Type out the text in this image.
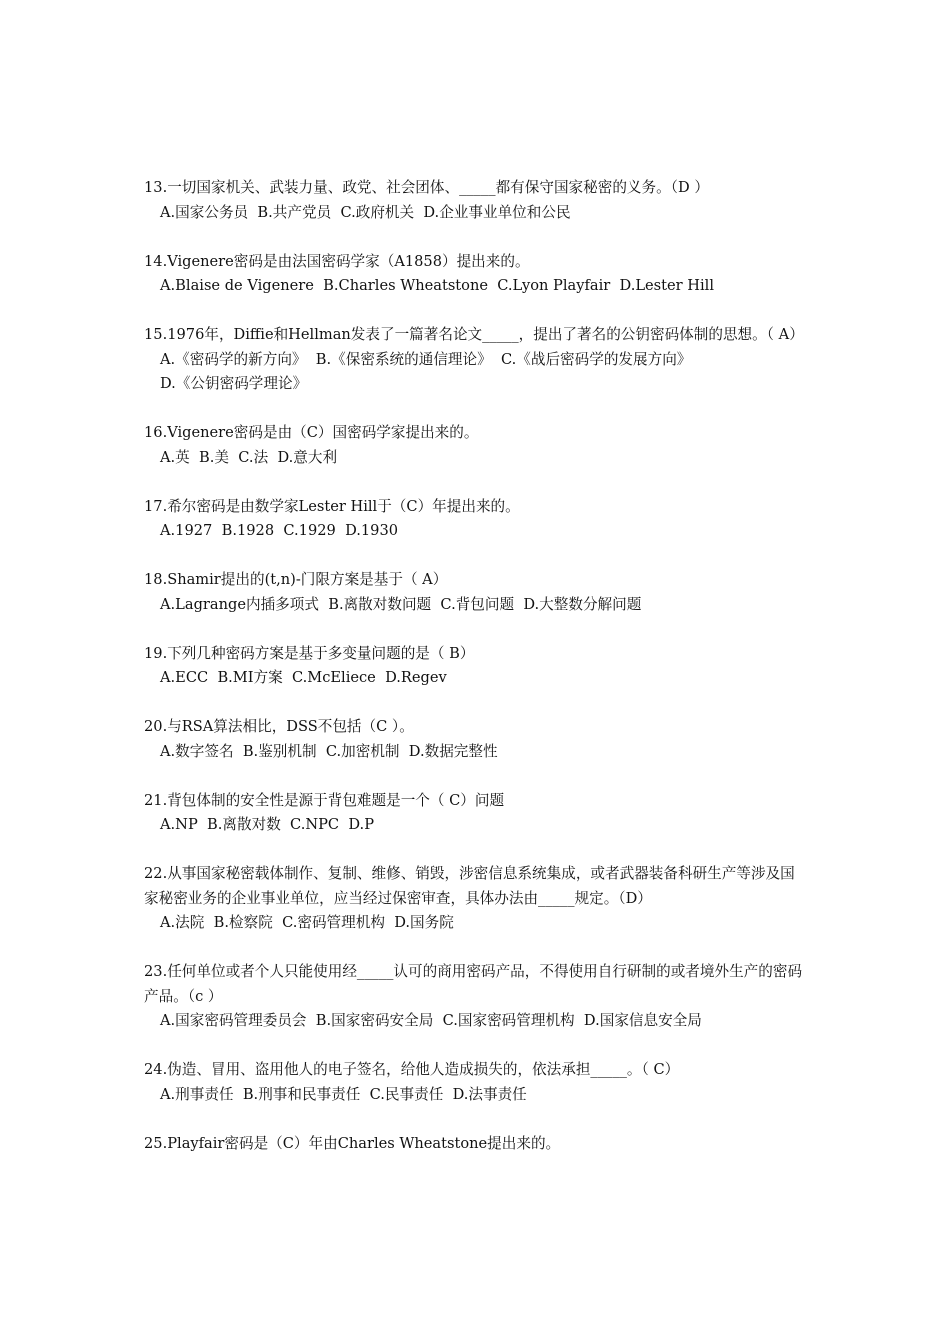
13.一切国家机关、武装力量、政党、社会团体、_____都有保守国家秘密的义务。（D ）
A.国家公务员  B.共产党员  C.政府机关  D.企业事业单位和公民
14.Vigenere密码是由法国密码学家（A1858）提出来的。
A.Blaise de Vigenere  B.Charles Wheatstone  C.Lyon Playfair  D.Lester Hill
15.1976年，Diffie和Hellman发表了一篇著名论文_____，提出了著名的公钥密码体制的思想。（ A）
A.《密码学的新方向》  B.《保密系统的通信理论》  C.《战后密码学的发展方向》
D.《公钥密码学理论》
16.Vigenere密码是由（C）国密码学家提出来的。
A.英  B.美  C.法  D.意大利
17.希尔密码是由数学家Lester Hill于（C）年提出来的。
A.1927  B.1928  C.1929  D.1930
18.Shamir提出的(t,n)-门限方案是基于（ A）
A.Lagrange内插多项式  B.离散对数问题  C.背包问题  D.大整数分解问题
19.下列几种密码方案是基于多变量问题的是（ B）
A.ECC  B.MI方案  C.McEliece  D.Regev
20.与RSA算法相比，DSS不包括（C ）。
A.数字签名  B.鉴别机制  C.加密机制  D.数据完整性
21.背包体制的安全性是源于背包难题是一个（ C）问题
A.NP  B.离散对数  C.NPC  D.P
22.从事国家秘密载体制作、复制、维修、销毁，涉密信息系统集成，或者武器装备科研生产等涉及国家秘密业务的企业事业单位，应当经过保密审查，具体办法由_____规定。（D）
A.法院  B.检察院  C.密码管理机构  D.国务院
23.任何单位或者个人只能使用经_____认可的商用密码产品，不得使用自行研制的或者境外生产的密码产品。（c ）
A.国家密码管理委员会  B.国家密码安全局  C.国家密码管理机构  D.国家信息安全局
24.伪造、冒用、盗用他人的电子签名，给他人造成损失的，依法承担_____。（ C）
A.刑事责任  B.刑事和民事责任  C.民事责任  D.法事责任
25.Playfair密码是（C）年由Charles Wheatstone提出来的。
